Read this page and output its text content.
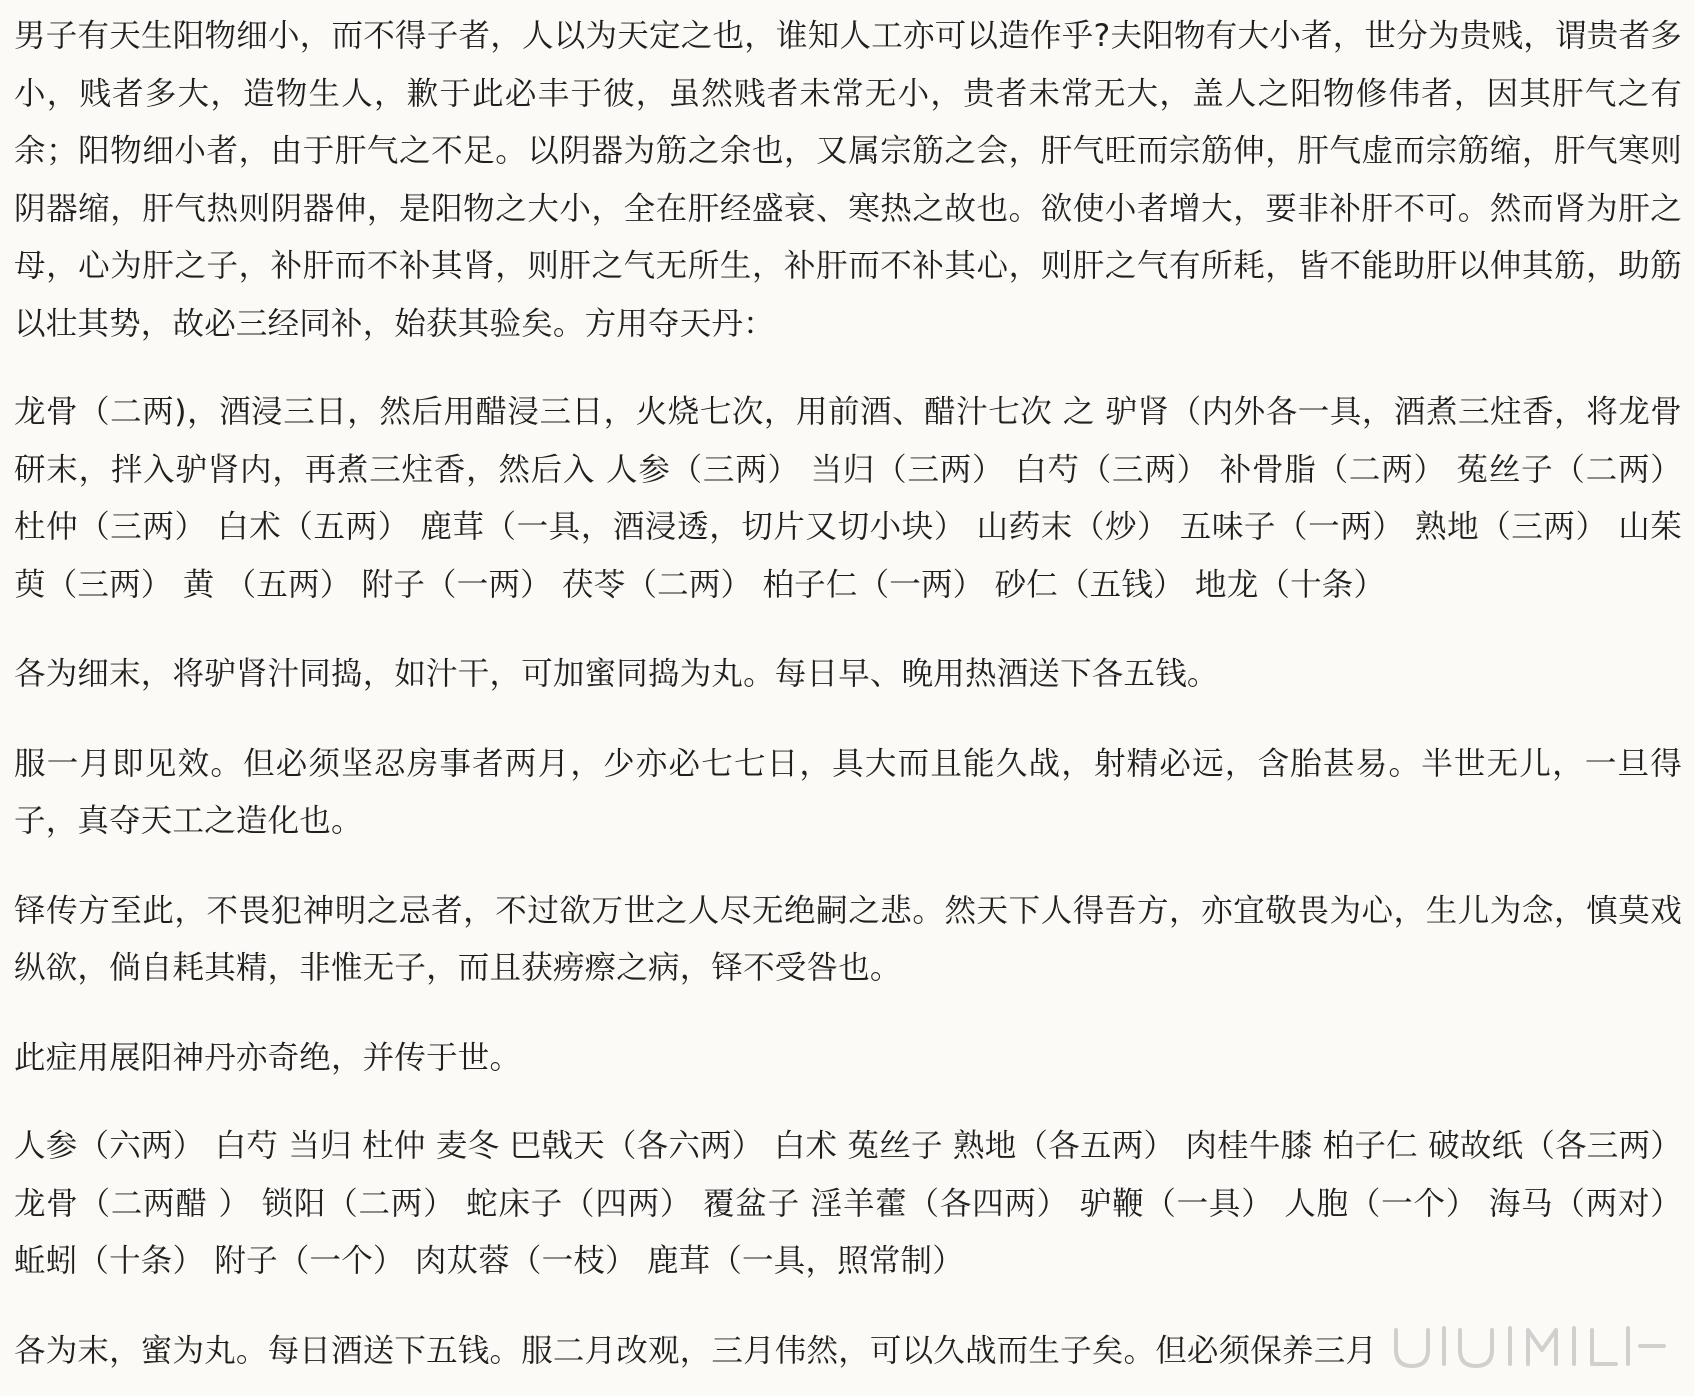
男子有天生阳物细小，而不得子者，人以为天定之也，谁知人工亦可以造作乎?夫阳物有大小者，世分为贵贱，谓贵者多小，贱者多大，造物生人，歉于此必丰于彼，虽然贱者未常无小，贵者未常无大，盖人之阳物修伟者，因其肝气之有余；阳物细小者，由于肝气之不足。以阴器为筋之余也，又属宗筋之会，肝气旺而宗筋伸，肝气虚而宗筋缩，肝气寒则阴器缩，肝气热则阴器伸，是阳物之大小，全在肝经盛衰、寒热之故也。欲使小者增大，要非补肝不可。然而肾为肝之母，心为肝之子，补肝而不补其肾，则肝之气无所生，补肝而不补其心，则肝之气有所耗，皆不能助肝以伸其筋，助筋以壮其势，故必三经同补，始获其验矣。方用夺天丹：

龙骨（二两)，酒浸三日，然后用醋浸三日，火烧七次，用前酒、醋汁七次 之 驴肾（内外各一具，酒煮三炷香，将龙骨研末，拌入驴肾内，再煮三炷香，然后入 人参（三两） 当归（三两） 白芍（三两） 补骨脂（二两） 菟丝子（二两） 杜仲（三两） 白术（五两） 鹿茸（一具，酒浸透，切片又切小块） 山药末（炒） 五味子（一两） 熟地（三两） 山茱萸（三两） 黄 （五两） 附子（一两） 茯苓（二两） 柏子仁（一两） 砂仁（五钱） 地龙（十条）

各为细末，将驴肾汁同捣，如汁干，可加蜜同捣为丸。每日早、晚用热酒送下各五钱。

服一月即见效。但必须坚忍房事者两月，少亦必七七日，具大而且能久战，射精必远，含胎甚易。半世无儿，一旦得子，真夺天工之造化也。

铎传方至此，不畏犯神明之忌者，不过欲万世之人尽无绝嗣之悲。然天下人得吾方，亦宜敬畏为心，生儿为念，慎莫戏纵欲，倘自耗其精，非惟无子，而且获痨瘵之病，铎不受咎也。

此症用展阳神丹亦奇绝，并传于世。

人参（六两） 白芍 当归 杜仲 麦冬 巴戟天（各六两） 白术 菟丝子 熟地（各五两） 肉桂牛膝 柏子仁 破故纸（各三两） 龙骨（二两醋 ） 锁阳（二两） 蛇床子（四两） 覆盆子 淫羊藿（各四两） 驴鞭（一具） 人胞（一个） 海马（两对） 蚯蚓（十条） 附子（一个） 肉苁蓉（一枝） 鹿茸（一具，照常制）

各为末，蜜为丸。每日酒送下五钱。服二月改观，三月伟然，可以久战而生子矣。但必须保养三月
